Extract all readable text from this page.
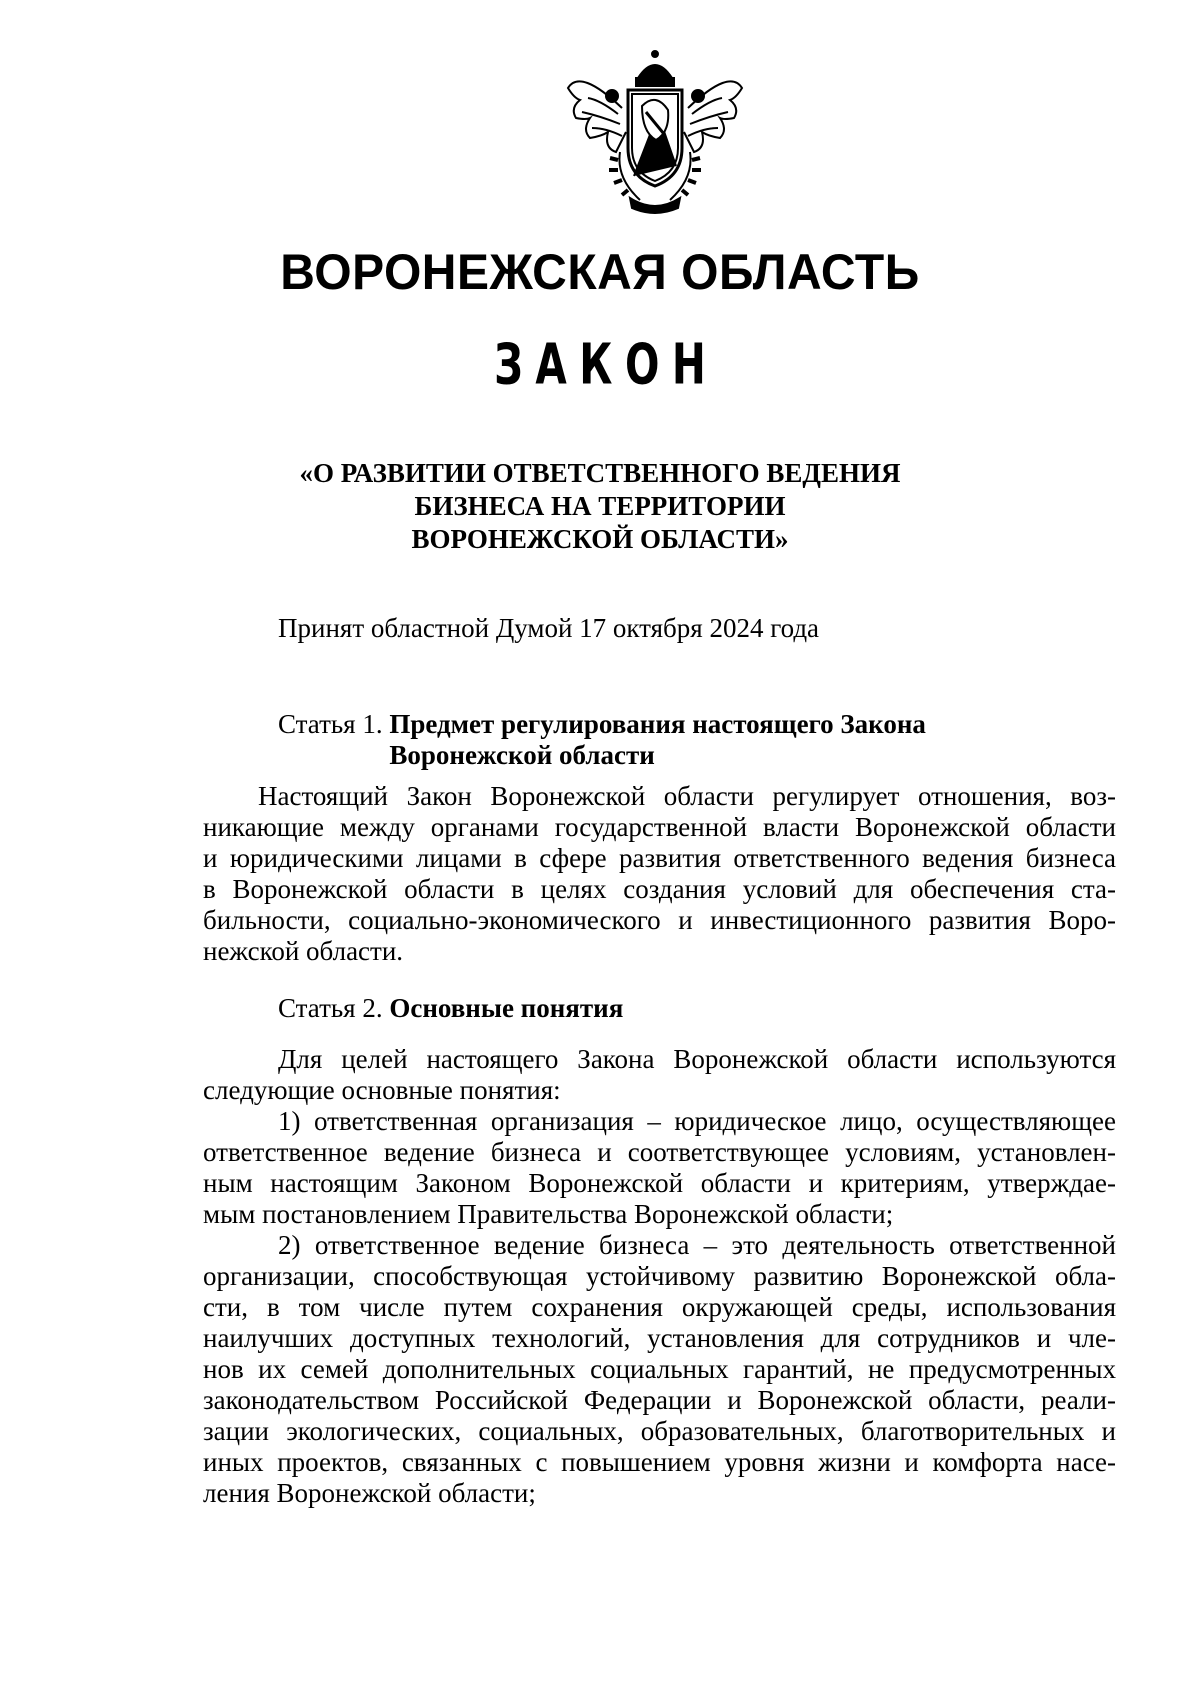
ВОРОНЕЖСКАЯ ОБЛАСТЬ
ЗАКОН
«О РАЗВИТИИ ОТВЕТСТВЕННОГО ВЕДЕНИЯ
БИЗНЕСА НА ТЕРРИТОРИИ
ВОРОНЕЖСКОЙ ОБЛАСТИ»
Принят областной Думой 17 октября 2024 года
Статья 1. Предмет регулирования настоящего Закона
Воронежской области
Настоящий Закон Воронежской области регулирует отношения, воз-
никающие между органами государственной власти Воронежской области
и юридическими лицами в сфере развития ответственного ведения бизнеса
в Воронежской области в целях создания условий для обеспечения ста-
бильности, социально-экономического и инвестиционного развития Воро-
нежской области.
Статья 2. Основные понятия
Для целей настоящего Закона Воронежской области используются
следующие основные понятия:
1) ответственная организация – юридическое лицо, осуществляющее
ответственное ведение бизнеса и соответствующее условиям, установлен-
ным настоящим Законом Воронежской области и критериям, утверждае-
мым постановлением Правительства Воронежской области;
2) ответственное ведение бизнеса – это деятельность ответственной
организации, способствующая устойчивому развитию Воронежской обла-
сти, в том числе путем сохранения окружающей среды, использования
наилучших доступных технологий, установления для сотрудников и чле-
нов их семей дополнительных социальных гарантий, не предусмотренных
законодательством Российской Федерации и Воронежской области, реали-
зации экологических, социальных, образовательных, благотворительных и
иных проектов, связанных с повышением уровня жизни и комфорта насе-
ления Воронежской области;
